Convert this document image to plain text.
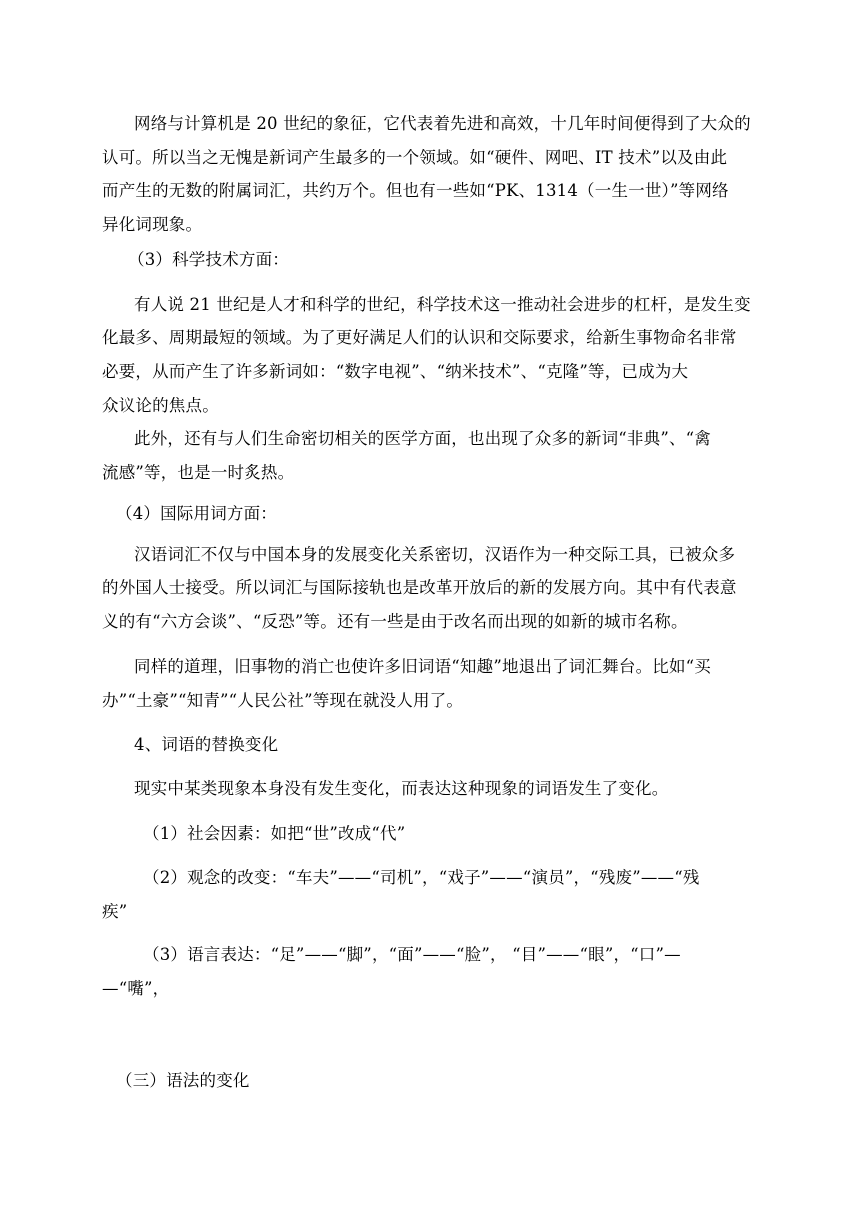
网络与计算机是 20 世纪的象征，它代表着先进和高效，十几年时间便得到了大众的

认可。所以当之无愧是新词产生最多的一个领域。如“硬件、网吧、IT 技术”以及由此

而产生的无数的附属词汇，共约万个。但也有一些如“PK、1314（一生一世）”等网络

异化词现象。

（3）科学技术方面：

有人说 21 世纪是人才和科学的世纪，科学技术这一推动社会进步的杠杆，是发生变

化最多、周期最短的领域。为了更好满足人们的认识和交际要求，给新生事物命名非常

必要，从而产生了许多新词如：“数字电视”、“纳米技术”、“克隆”等，已成为大

众议论的焦点。

此外，还有与人们生命密切相关的医学方面，也出现了众多的新词“非典”、“禽

流感”等，也是一时炙热。

（4）国际用词方面：

汉语词汇不仅与中国本身的发展变化关系密切，汉语作为一种交际工具，已被众多

的外国人士接受。所以词汇与国际接轨也是改革开放后的新的发展方向。其中有代表意

义的有“六方会谈”、“反恐”等。还有一些是由于改名而出现的如新的城市名称。

同样的道理，旧事物的消亡也使许多旧词语“知趣”地退出了词汇舞台。比如“买

办”“土豪”“知青”“人民公社”等现在就没人用了。

4、词语的替换变化

现实中某类现象本身没有发生变化，而表达这种现象的词语发生了变化。

（1）社会因素：如把“世”改成“代”

（2）观念的改变：“车夫”——“司机”，“戏子”——“演员”，“残废”——“残

疾”

（3）语言表达：“足”——“脚”，“面”——“脸”， “目”——“眼”，“口”—

—“嘴”，

（三）语法的变化
